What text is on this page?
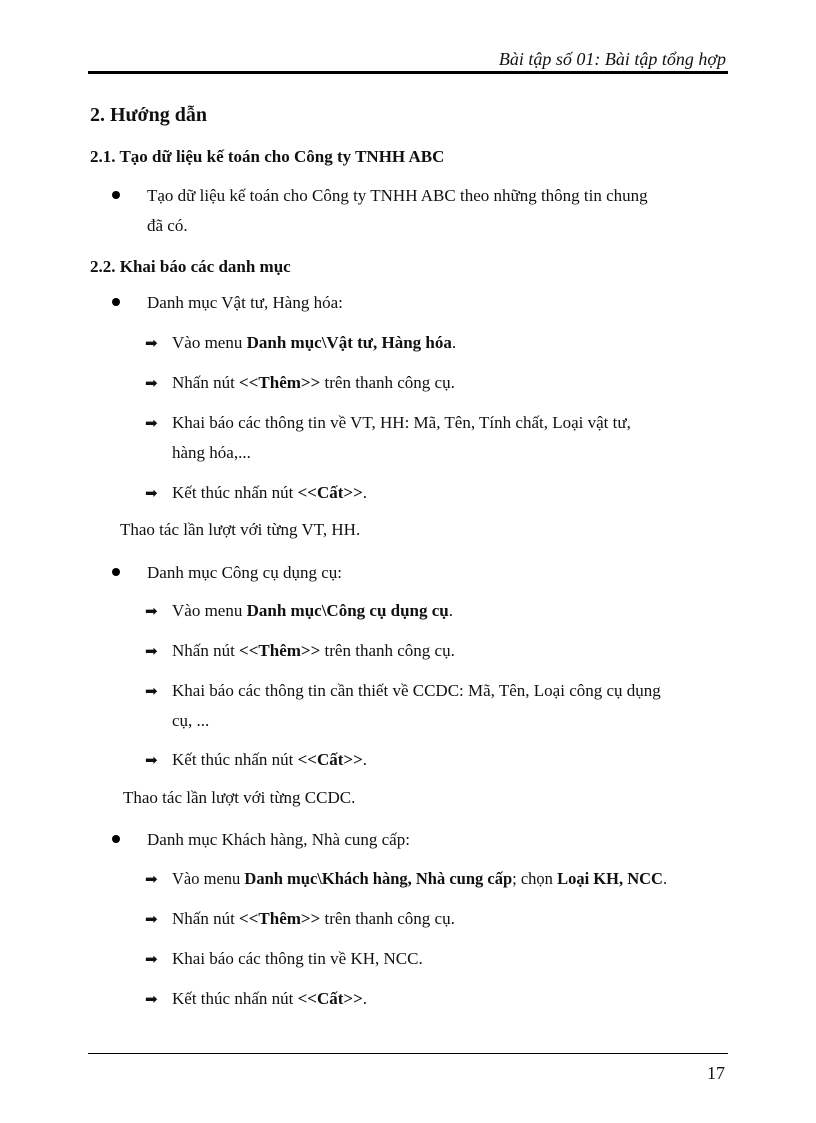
Bài tập số 01: Bài tập tổng hợp
2. Hướng dẫn
2.1. Tạo dữ liệu kế toán cho Công ty TNHH ABC
Tạo dữ liệu kế toán cho Công ty TNHH ABC theo những thông tin chung
đã có.
2.2. Khai báo các danh mục
Danh mục Vật tư, Hàng hóa:
➡ Vào menu Danh mục\Vật tư, Hàng hóa.
➡ Nhấn nút <<Thêm>> trên thanh công cụ.
➡ Khai báo các thông tin về VT, HH: Mã, Tên, Tính chất, Loại vật tư,
hàng hóa,...
➡ Kết thúc nhấn nút <<Cất>>.
Thao tác lần lượt với từng VT, HH.
Danh mục Công cụ dụng cụ:
➡ Vào menu Danh mục\Công cụ dụng cụ.
➡ Nhấn nút <<Thêm>> trên thanh công cụ.
➡ Khai báo các thông tin cần thiết về CCDC: Mã, Tên, Loại công cụ dụng
cụ, ...
➡ Kết thúc nhấn nút <<Cất>>.
Thao tác lần lượt với từng CCDC.
Danh mục Khách hàng, Nhà cung cấp:
➡ Vào menu Danh mục\Khách hàng, Nhà cung cấp; chọn Loại KH, NCC.
➡ Nhấn nút <<Thêm>> trên thanh công cụ.
➡ Khai báo các thông tin về KH, NCC.
➡ Kết thúc nhấn nút <<Cất>>.
17
